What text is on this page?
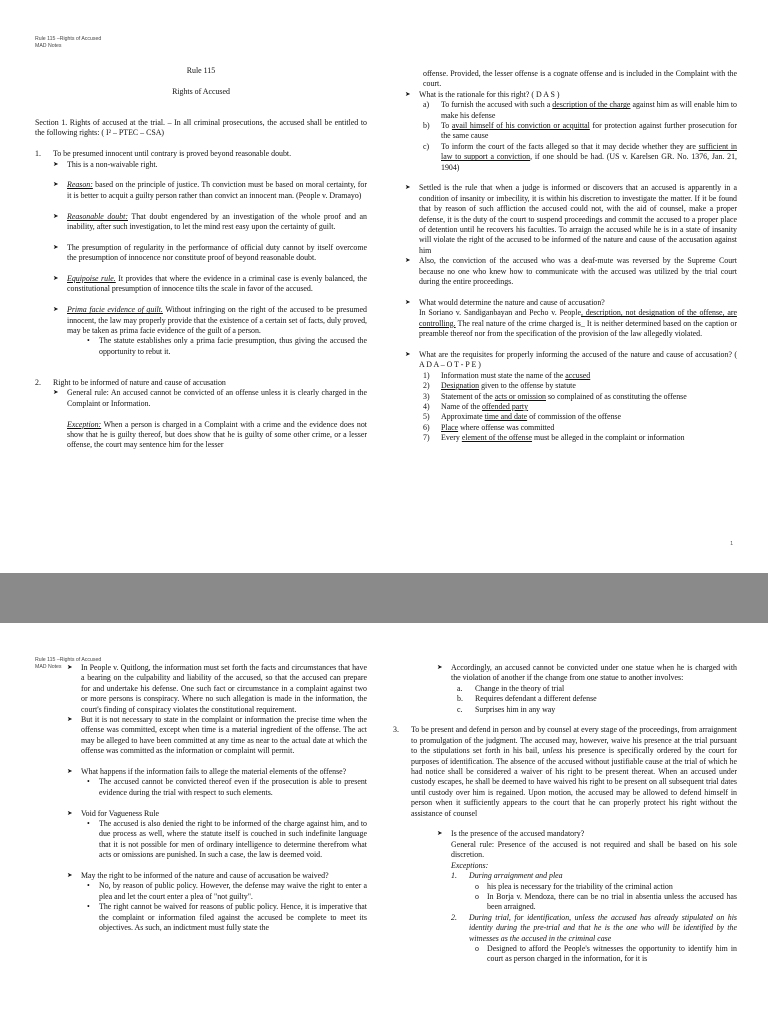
Rule 115 –Rights of Accused
MAD Notes
Rule 115
Rights of Accused
Section 1. Rights of accused at the trial. – In all criminal prosecutions, the accused shall be entitled to the following rights: ( I² – PTEC – CSA)
1.	To be presumed innocent until contrary is proved beyond reasonable doubt.
➤	This is a non-waivable right.
➤	Reason: based on the principle of justice. Th conviction must be based on moral certainty, for it is better to acquit a guilty person rather than convict an innocent man. (People v. Dramayo)
➤	Reasonable doubt: That doubt engendered by an investigation of the whole proof and an inability, after such investigation, to let the mind rest easy upon the certainty of guilt.
➤	The presumption of regularity in the performance of official duty cannot by itself overcome the presumption of innocence nor constitute proof of beyond reasonable doubt.
➤	Equipoise rule. It provides that where the evidence in a criminal case is evenly balanced, the constitutional presumption of innocence tilts the scale in favor of the accused.
➤	Prima facie evidence of guilt. Without infringing on the right of the accused to be presumed innocent, the law may properly provide that the existence of a certain set of facts, duly proved, may be taken as prima facie evidence of the guilt of a person.
•	The statute establishes only a prima facie presumption, thus giving the accused the opportunity to rebut it.
2.	Right to be informed of nature and cause of accusation
➤	General rule: An accused cannot be convicted of an offense unless it is clearly charged in the Complaint or Information.
Exception: When a person is charged in a Complaint with a crime and the evidence does not show that he is guilty thereof, but does show that he is guilty of some other crime, or a lesser offense, the court may sentence him for the lesser
offense. Provided, the lesser offense is a cognate offense and is included in the Complaint with the court.
➤	What is the rationale for this right? ( D A S )
a)	To furnish the accused with such a description of the charge against him as will enable him to make his defense
b)	To avail himself of his conviction or acquittal for protection against further prosecution for the same cause
c)	To inform the court of the facts alleged so that it may decide whether they are sufficient in law to support a conviction, if one should be had. (US v. Karelsen GR. No. 1376, Jan. 21, 1904)
➤	Settled is the rule that when a judge is informed or discovers that an accused is apparently in a condition of insanity or imbecility, it is within his discretion to investigate the matter. If it be found that by reason of such affliction the accused could not, with the aid of counsel, make a proper defense, it is the duty of the court to suspend proceedings and commit the accused to a proper place of detention until he recovers his faculties. To arraign the accused while he is in a state of insanity will violate the right of the accused to be informed of the nature and cause of the accusation against him
➤	Also, the conviction of the accused who was a deaf-mute was reversed by the Supreme Court because no one who knew how to communicate with the accused was utilized by the trial court during the entire proceedings.
➤	What would determine the nature and cause of accusation?
In Soriano v. Sandiganbayan and Pecho v. People, description, not designation of the offense, are controlling. The real nature of the crime charged is_ It is neither determined based on the caption or preamble thereof nor from the specification of the provision of the law allegedly violated.
➤	What are the requisites for properly informing the accused of the nature and cause of accusation? ( A D A – O T - P E )
1)	Information must state the name of the accused
2)	Designation given to the offense by statute
3)	Statement of the acts or omission so complained of as constituting the offense
4)	Name of the offended party
5)	Approximate time and date of commission of the offense
6)	Place where offense was committed
7)	Every element of the offense must be alleged in the complaint or information
1
Rule 115 –Rights of Accused
MAD Notes ➤	In People v. Quitlong, the information must set forth the facts and circumstances that have a bearing on the culpability and liability of the accused, so that the accused can prepare for and undertake his defense. One such fact or circumstance in a complaint against two or more persons is conspiracy. Where no such allegation is made in the information, the court's finding of conspiracy violates the constitutional requirement.
➤	But it is not necessary to state in the complaint or information the precise time when the offense was committed, except when time is a material ingredient of the offense. The act may be alleged to have been committed at any time as near to the actual date at which the offense was committed as the information or complaint will permit.
➤	What happens if the information fails to allege the material elements of the offense?
•	The accused cannot be convicted thereof even if the prosecution is able to present evidence during the trial with respect to such elements.
➤	Void for Vagueness Rule
•	The accused is also denied the right to be informed of the charge against him, and to due process as well, where the statute itself is couched in such indefinite language that it is not possible for men of ordinary intelligence to determine therefrom what acts or omissions are punished. In such a case, the law is deemed void.
➤	May the right to be informed of the nature and cause of accusation be waived?
•	No, by reason of public policy. However, the defense may waive the right to enter a plea and let the court enter a plea of "not guilty".
•	The right cannot be waived for reasons of public policy. Hence, it is imperative that the complaint or information filed against the accused be complete to meet its objectives. As such, an indictment must fully state the
➤	Accordingly, an accused cannot be convicted under one statue when he is charged with the violation of another if the change from one statue to another involves:
a.	Change in the theory of trial
b.	Requires defendant a different defense
c.	Surprises him in any way
3.	To be present and defend in person and by counsel at every stage of the proceedings, from arraignment to promulgation of the judgment. The accused may, however, waive his presence at the trial pursuant to the stipulations set forth in his bail, unless his presence is specifically ordered by the court for purposes of identification. The absence of the accused without justifiable cause at the trial of which he had notice shall be considered a waiver of his right to be present thereat. When an accused under custody escapes, he shall be deemed to have waived his right to be present on all subsequent trial dates until custody over him is regained. Upon motion, the accused may be allowed to defend himself in person when it sufficiently appears to the court that he can properly protect his right without the assistance of counsel
➤	Is the presence of the accused mandatory?
General rule: Presence of the accused is not required and shall be based on his sole discretion.
Exceptions:
1.	During arraignment and plea
o	his plea is necessary for the triability of the criminal action
o	In Borja v. Mendoza, there can be no trial in absentia unless the accused has been arraigned.
2.	During trial, for identification, unless the accused has already stipulated on his identity during the pre-trial and that he is the one who will be identified by the witnesses as the accused in the criminal case
o	Designed to afford the People's witnesses the opportunity to identify him in court as person charged in the information, for it is
